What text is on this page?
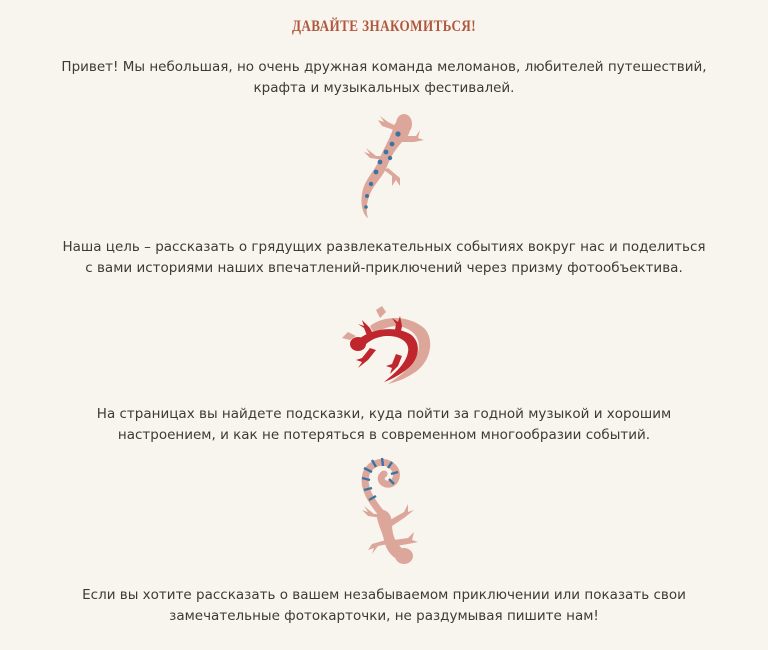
ДАВАЙТЕ ЗНАКОМИТЬСЯ!
Привет! Мы небольшая, но очень дружная команда меломанов, любителей путешествий, крафта и музыкальных фестивалей.
Наша цель – рассказать о грядущих развлекательных событиях вокруг нас и поделиться с вами историями наших впечатлений-приключений через призму фотообъектива.
На страницах вы найдете подсказки, куда пойти за годной музыкой и хорошим настроением, и как не потеряться в современном многообразии событий.
Если вы хотите рассказать о вашем незабываемом приключении или показать свои замечательные фотокарточки, не раздумывая пишите нам!
